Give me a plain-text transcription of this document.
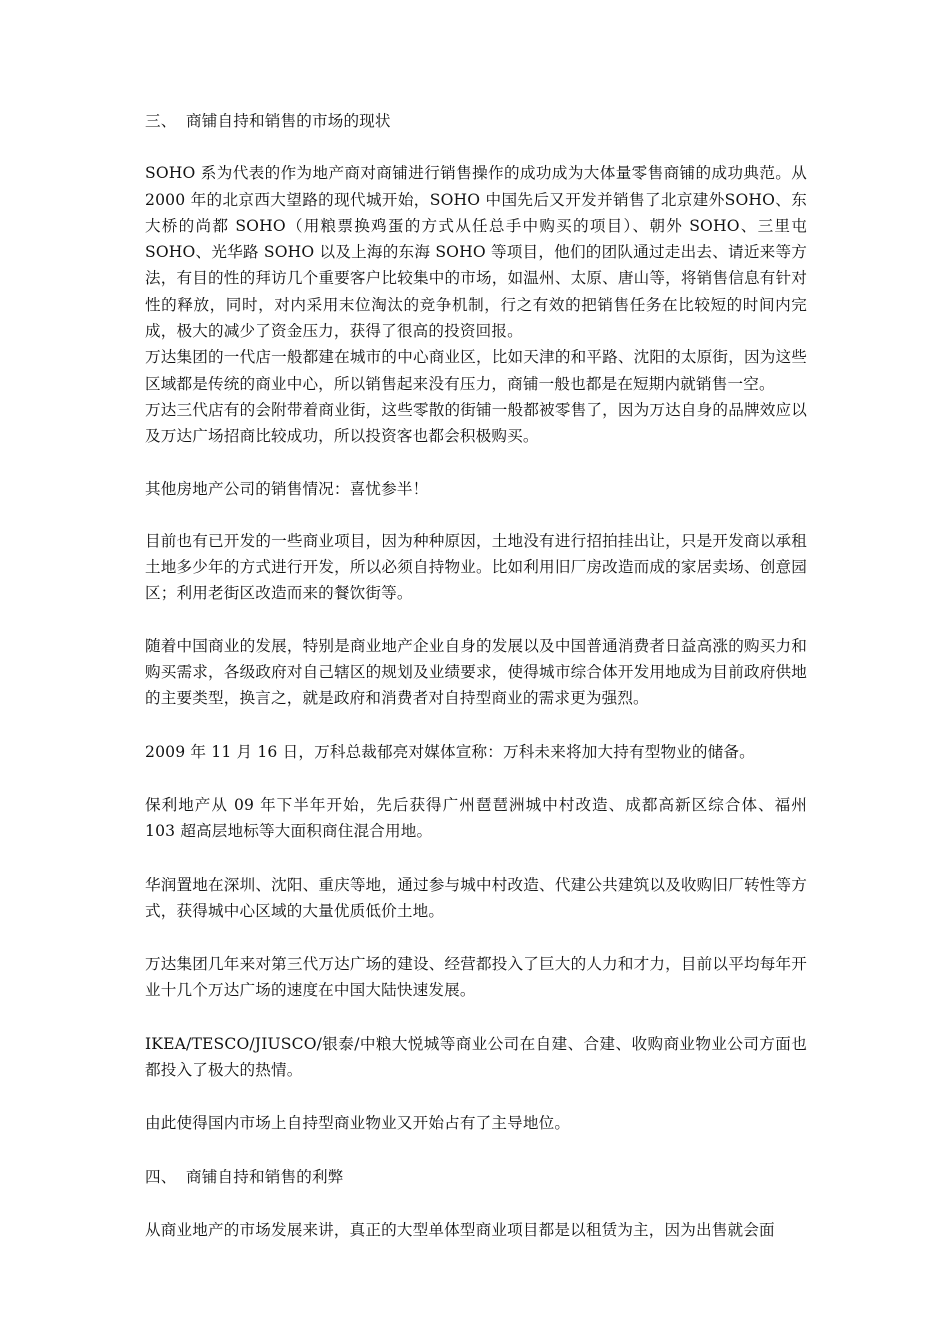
三、 商铺自持和销售的市场的现状

SOHO 系为代表的作为地产商对商铺进行销售操作的成功成为大体量零售商铺的成功典范。从 2000 年的北京西大望路的现代城开始，SOHO 中国先后又开发并销售了北京建外SOHO、东大桥的尚都 SOHO（用粮票换鸡蛋的方式从任总手中购买的项目）、朝外 SOHO、三里屯 SOHO、光华路 SOHO 以及上海的东海 SOHO 等项目，他们的团队通过走出去、请近来等方法，有目的性的拜访几个重要客户比较集中的市场，如温州、太原、唐山等，将销售信息有针对性的释放，同时，对内采用末位淘汰的竞争机制，行之有效的把销售任务在比较短的时间内完成，极大的减少了资金压力，获得了很高的投资回报。

万达集团的一代店一般都建在城市的中心商业区，比如天津的和平路、沈阳的太原街，因为这些区域都是传统的商业中心，所以销售起来没有压力，商铺一般也都是在短期内就销售一空。

万达三代店有的会附带着商业街，这些零散的街铺一般都被零售了，因为万达自身的品牌效应以及万达广场招商比较成功，所以投资客也都会积极购买。

其他房地产公司的销售情况：喜忧参半！

目前也有已开发的一些商业项目，因为种种原因，土地没有进行招拍挂出让，只是开发商以承租土地多少年的方式进行开发，所以必须自持物业。比如利用旧厂房改造而成的家居卖场、创意园区；利用老街区改造而来的餐饮街等。

随着中国商业的发展，特别是商业地产企业自身的发展以及中国普通消费者日益高涨的购买力和购买需求，各级政府对自己辖区的规划及业绩要求，使得城市综合体开发用地成为目前政府供地的主要类型，换言之，就是政府和消费者对自持型商业的需求更为强烈。

2009 年 11 月 16 日，万科总裁郁亮对媒体宣称：万科未来将加大持有型物业的储备。

保利地产从 09 年下半年开始，先后获得广州琶琶洲城中村改造、成都高新区综合体、福州 103 超高层地标等大面积商住混合用地。

华润置地在深圳、沈阳、重庆等地，通过参与城中村改造、代建公共建筑以及收购旧厂转性等方式，获得城中心区域的大量优质低价土地。

万达集团几年来对第三代万达广场的建设、经营都投入了巨大的人力和才力，目前以平均每年开业十几个万达广场的速度在中国大陆快速发展。

IKEA/TESCO/JIUSCO/银泰/中粮大悦城等商业公司在自建、合建、收购商业物业公司方面也都投入了极大的热情。

由此使得国内市场上自持型商业物业又开始占有了主导地位。

四、 商铺自持和销售的利弊

从商业地产的市场发展来讲，真正的大型单体型商业项目都是以租赁为主，因为出售就会面
